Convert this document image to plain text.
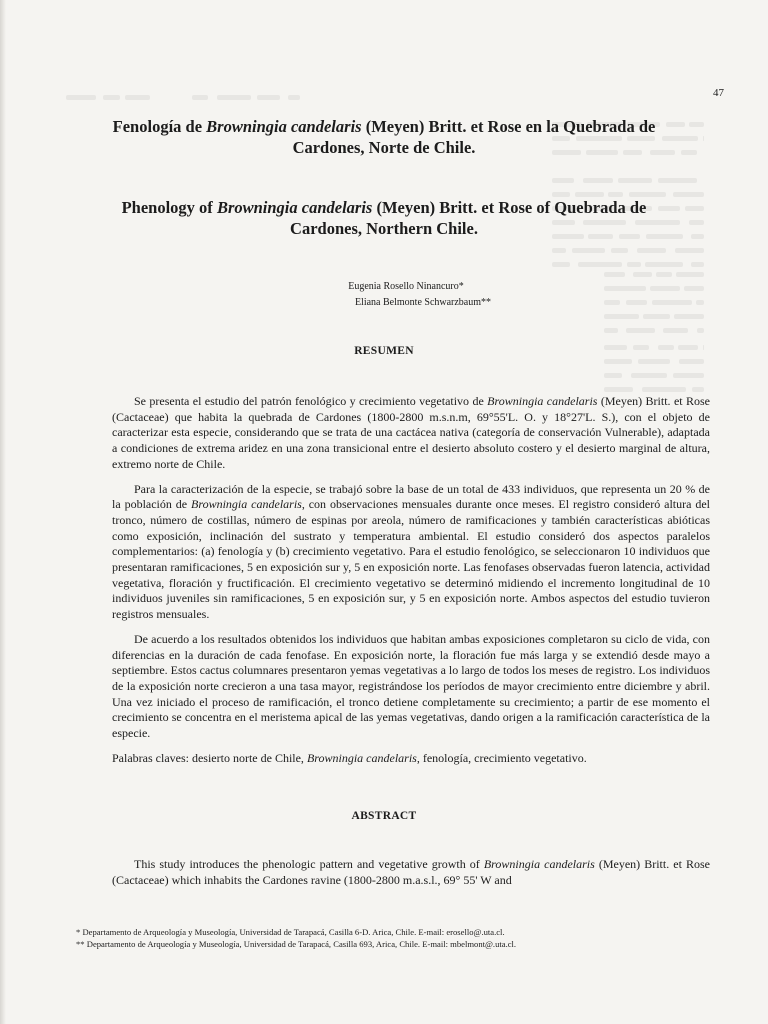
47
Fenología de Browningia candelaris (Meyen) Britt. et Rose en la Quebrada de Cardones, Norte de Chile.
Phenology of Browningia candelaris (Meyen) Britt. et Rose of Quebrada de Cardones, Northern Chile.
Eugenia Rosello Ninancuro*
Eliana Belmonte Schwarzbaum**
RESUMEN

Se presenta el estudio del patrón fenológico y crecimiento vegetativo de Browningia candelaris (Meyen) Britt. et Rose (Cactaceae) que habita la quebrada de Cardones (1800-2800 m.s.n.m, 69°55'L. O. y 18°27'L. S.), con el objeto de caracterizar esta especie, considerando que se trata de una cactácea nativa (categoría de conservación Vulnerable), adaptada a condiciones de extrema aridez en una zona transicional entre el desierto absoluto costero y el desierto marginal de altura, extremo norte de Chile.

Para la caracterización de la especie, se trabajó sobre la base de un total de 433 individuos, que representa un 20 % de la población de Browningia candelaris, con observaciones mensuales durante once meses. El registro consideró altura del tronco, número de costillas, número de espinas por areola, número de ramificaciones y también características abióticas como exposición, inclinación del sustrato y temperatura ambiental. El estudio consideró dos aspectos paralelos complementarios: (a) fenología y (b) crecimiento vegetativo. Para el estudio fenológico, se seleccionaron 10 individuos que presentaran ramificaciones, 5 en exposición sur y, 5 en exposición norte. Las fenofases observadas fueron latencia, actividad vegetativa, floración y fructificación. El crecimiento vegetativo se determinó midiendo el incremento longitudinal de 10 individuos juveniles sin ramificaciones, 5 en exposición sur, y 5 en exposición norte. Ambos aspectos del estudio tuvieron registros mensuales.

De acuerdo a los resultados obtenidos los individuos que habitan ambas exposiciones completaron su ciclo de vida, con diferencias en la duración de cada fenofase. En exposición norte, la floración fue más larga y se extendió desde mayo a septiembre. Estos cactus columnares presentaron yemas vegetativas a lo largo de todos los meses de registro. Los individuos de la exposición norte crecieron a una tasa mayor, registrándose los períodos de mayor crecimiento entre diciembre y abril. Una vez iniciado el proceso de ramificación, el tronco detiene completamente su crecimiento; a partir de ese momento el crecimiento se concentra en el meristema apical de las yemas vegetativas, dando origen a la ramificación característica de la especie.

Palabras claves: desierto norte de Chile, Browningia candelaris, fenología, crecimiento vegetativo.

ABSTRACT

This study introduces the phenologic pattern and vegetative growth of Browningia candelaris (Meyen) Britt. et Rose (Cactaceae) which inhabits the Cardones ravine (1800-2800 m.a.s.l., 69° 55' W and

* Departamento de Arqueología y Museología, Universidad de Tarapacá, Casilla 6-D. Arica, Chile. E-mail: erosello@.uta.cl.
** Departamento de Arqueología y Museología, Universidad de Tarapacá, Casilla 693, Arica, Chile. E-mail: mbelmont@.uta.cl.
